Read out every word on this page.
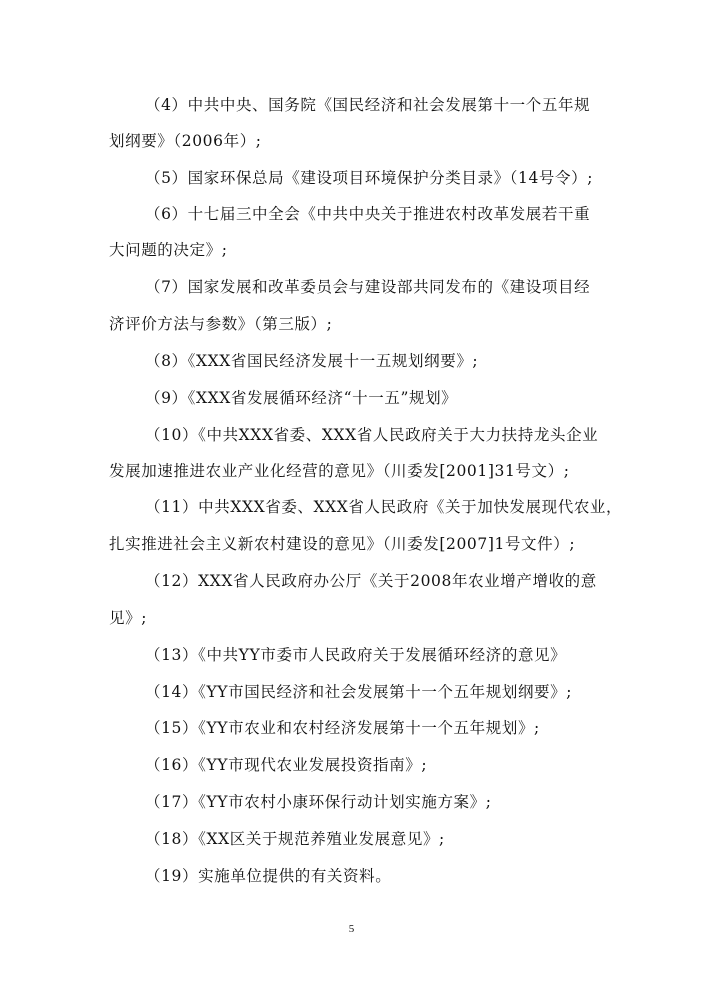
（4）中共中央、国务院《国民经济和社会发展第十一个五年规
划纲要》（2006年）;
（5）国家环保总局《建设项目环境保护分类目录》（14号令）;
（6）十七届三中全会《中共中央关于推进农村改革发展若干重
大问题的决定》;
（7）国家发展和改革委员会与建设部共同发布的《建设项目经
济评价方法与参数》（第三版）;
（8）《XXX省国民经济发展十一五规划纲要》;
（9）《XXX省发展循环经济“十一五”规划》
（10）《中共XXX省委、XXX省人民政府关于大力扶持龙头企业
发展加速推进农业产业化经营的意见》（川委发[2001]31号文）;
（11）中共XXX省委、XXX省人民政府《关于加快发展现代农业，
扎实推进社会主义新农村建设的意见》（川委发[2007]1号文件）;
（12）XXX省人民政府办公厅《关于2008年农业增产增收的意
见》;
（13）《中共YY市委市人民政府关于发展循环经济的意见》
（14）《YY市国民经济和社会发展第十一个五年规划纲要》;
（15）《YY市农业和农村经济发展第十一个五年规划》;
（16）《YY市现代农业发展投资指南》;
（17）《YY市农村小康环保行动计划实施方案》;
（18）《XX区关于规范养殖业发展意见》;
（19）实施单位提供的有关资料。
5
